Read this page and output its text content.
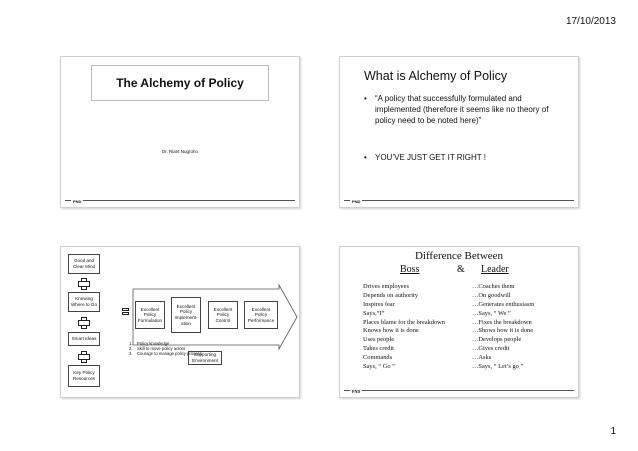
17/10/2013
The Alchemy of Policy
Dr. Riant Nugroho
PND
What is Alchemy of Policy
• “A policy that successfully formulated and implemented (therefore it seems like no theory of policy need to be noted here)”
• YOU’VE JUST GET IT RIGHT !
PND
Good and Clear Mind
Knowing Where to Go
Smart Ideas
Key Policy Resources
Excellent Policy Formulation
Excellent Policy Implement-ation
Excellent Policy Control
Excellent Policy Performance
Supporting Environment
1. Policy knowledge
2. Skill to move policy actors
3. Courage to manage policy process
Difference Between
Boss	& Leader
Drives employees	…Coaches them
Depends on authority	…On goodwill
Inspires fear	…Generates enthusiasm
Says,”I”	…Says, “ We ”
Places blame for the breakdown	…Fixes the breakdown
Knows how it is done	…Shows how it is done
Uses people	…Develops people
Takes credit	…Gives credit
Commands	…Asks
Says, “ Go ”	…Says, “ Let’s go ”
PND
1
